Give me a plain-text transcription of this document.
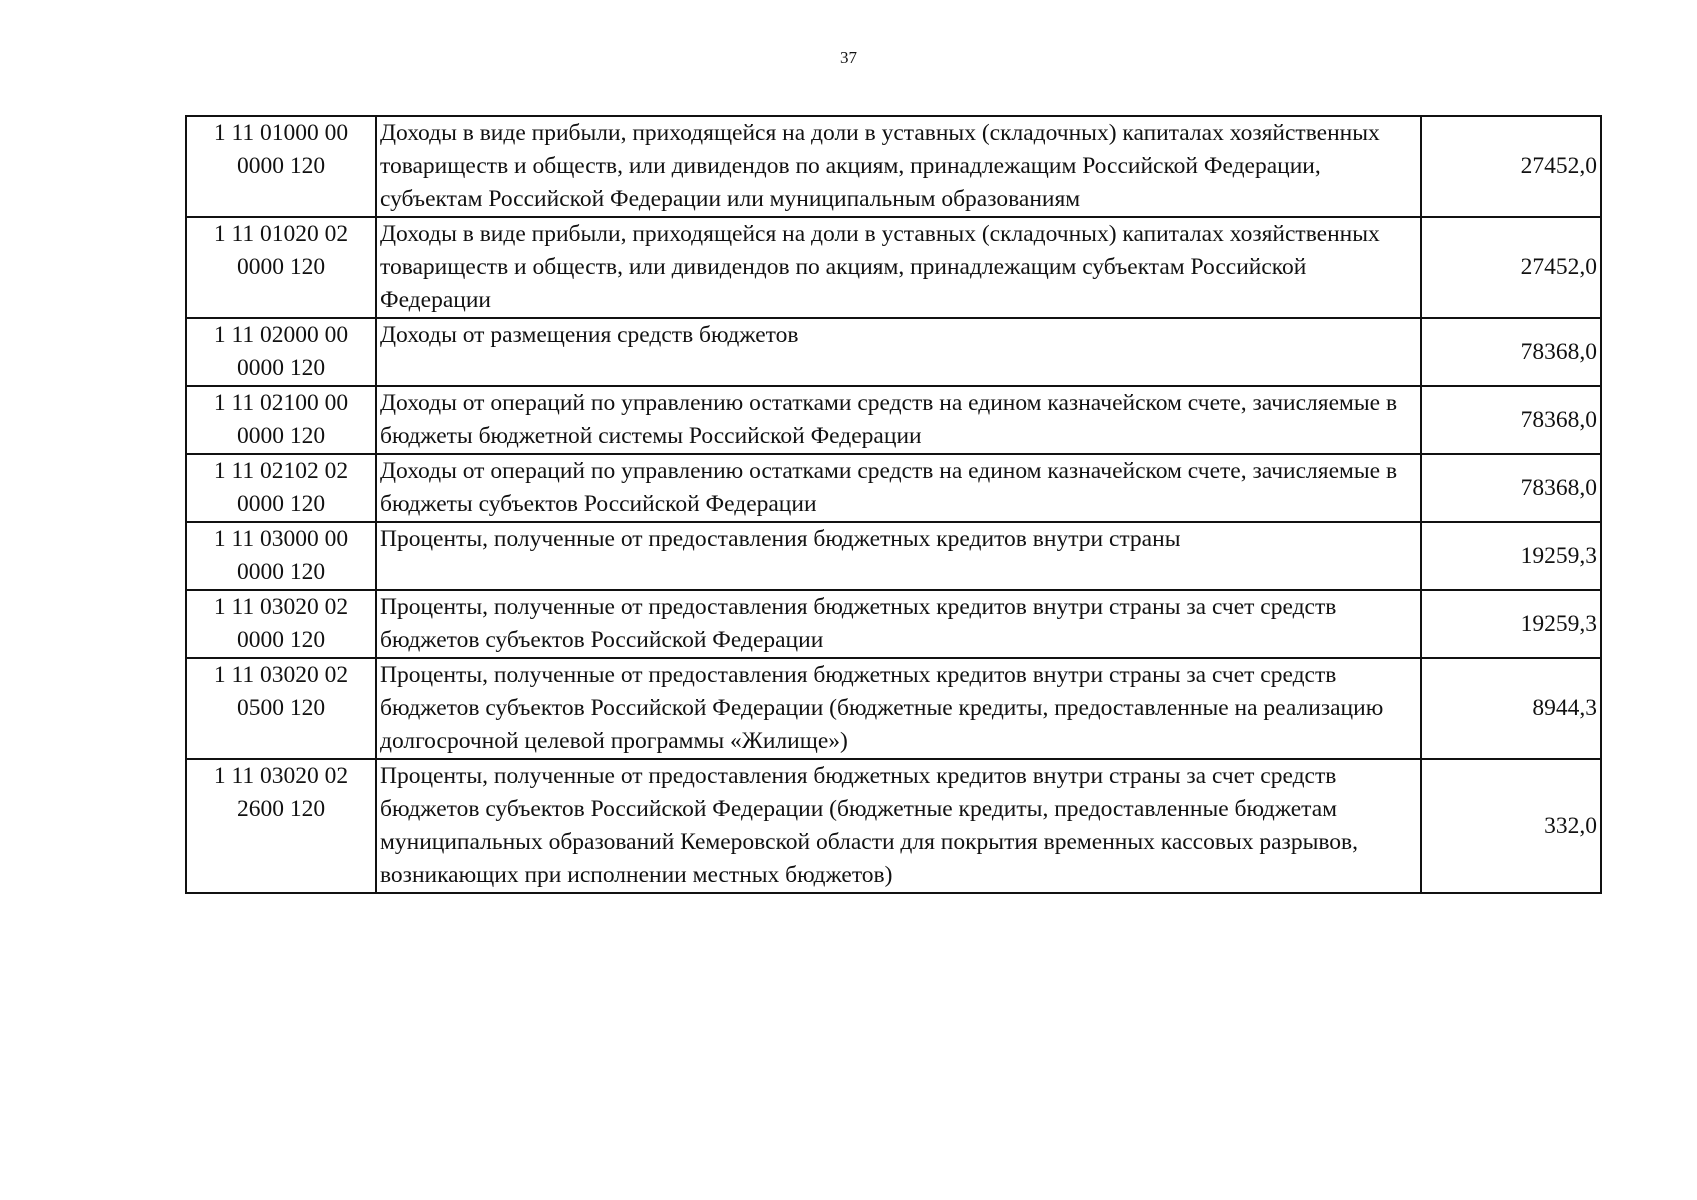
37
1 11 01000 00
0000 120	Доходы в виде прибыли, приходящейся на доли в уставных (складочных) капиталах хозяйственных товариществ и обществ, или дивидендов по акциям, принадлежащим Российской Федерации, субъектам Российской Федерации или муниципальным образованиям	27452,0

1 11 01020 02
0000 120	Доходы в виде прибыли, приходящейся на доли в уставных (складочных) капиталах хозяйственных товариществ и обществ, или дивидендов по акциям, принадлежащим субъектам Российской Федерации	27452,0

1 11 02000 00
0000 120	Доходы от размещения средств бюджетов	78368,0

1 11 02100 00
0000 120	Доходы от операций по управлению остатками средств на едином казначейском счете, зачисляемые в бюджеты бюджетной системы Российской Федерации	78368,0

1 11 02102 02
0000 120	Доходы от операций по управлению остатками средств на едином казначейском счете, зачисляемые в бюджеты субъектов Российской Федерации	78368,0

1 11 03000 00
0000 120	Проценты, полученные от предоставления бюджетных кредитов внутри страны	19259,3

1 11 03020 02
0000 120	Проценты, полученные от предоставления бюджетных кредитов внутри страны за счет средств бюджетов субъектов Российской Федерации	19259,3

1 11 03020 02
0500 120	Проценты, полученные от предоставления бюджетных кредитов внутри страны за счет средств бюджетов субъектов Российской Федерации (бюджетные кредиты, предоставленные на реализацию долгосрочной целевой программы «Жилище»)	8944,3

1 11 03020 02
2600 120	Проценты, полученные от предоставления бюджетных кредитов внутри страны за счет средств бюджетов субъектов Российской Федерации (бюджетные кредиты, предоставленные бюджетам муниципальных образований Кемеровской области для покрытия временных кассовых разрывов, возникающих при исполнении местных бюджетов)	332,0
